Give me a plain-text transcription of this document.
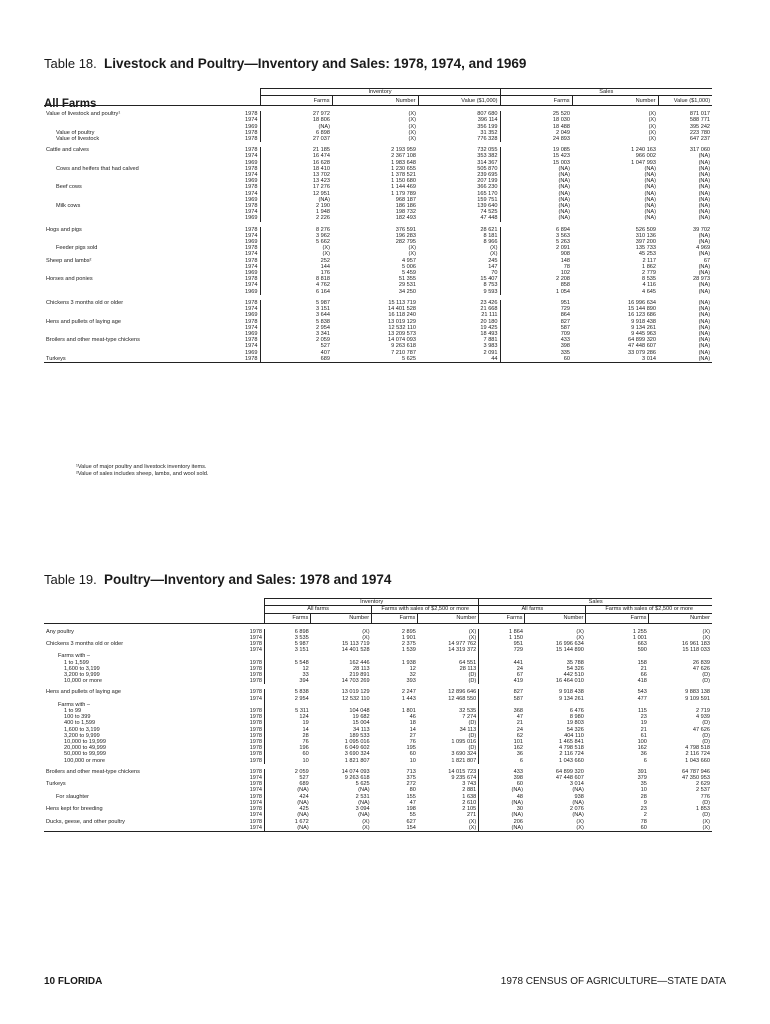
Table 18. Livestock and Poultry—Inventory and Sales: 1978, 1974, and 1969
All Farms
		Inventory			Sales		
		Farms	Number	Value ($1,000)	Farms	Number	Value ($1,000)

Value of livestock and poultry¹	1978	27 972	(X)	807 680	25 520	(X)	871 017
	1974	18 806	(X)	396 114	18 030	(X)	588 771
	1969	(NA)	(X)	356 199	18 488	(X)	395 242
Value of poultry	1978	6 898	(X)	31 352	2 049	(X)	223 780
Value of livestock	1978	27 037	(X)	776 328	24 893	(X)	647 237

Cattle and calves	1978	21 185	2 193 959	732 055	19 085	1 240 163	317 060
	1974	16 474	2 367 108	353 382	15 423	966 002	(NA)
	1969	16 628	1 983 648	314 367	15 003	1 047 993	(NA)
Cows and heifers that had calved	1978	18 410	1 230 655	505 870	(NA)	(NA)	(NA)
	1974	13 702	1 378 521	239 695	(NA)	(NA)	(NA)
	1969	13 423	1 150 680	207 199	(NA)	(NA)	(NA)
Beef cows	1978	17 276	1 144 469	366 230	(NA)	(NA)	(NA)
	1974	12 951	1 179 789	165 170	(NA)	(NA)	(NA)
	1969	(NA)	968 187	159 751	(NA)	(NA)	(NA)
Milk cows	1978	2 190	186 186	139 640	(NA)	(NA)	(NA)
	1974	1 948	198 732	74 525	(NA)	(NA)	(NA)
	1969	2 226	182 493	47 448	(NA)	(NA)	(NA)

Hogs and pigs	1978	8 276	376 591	28 621	6 894	526 509	39 702
	1974	3 962	196 283	8 181	3 563	310 136	(NA)
	1969	5 662	282 795	8 966	5 263	397 200	(NA)
Feeder pigs sold	1978	(X)	(X)	(X)	2 091	135 733	4 969
	1974	(X)	(X)	(X)	908	45 253	(NA)
Sheep and lambs²	1978	252	4 957	245	148	2 117	67
	1974	144	5 006	147	78	1 862	(NA)
	1969	176	5 459	70	102	2 779	(NA)
Horses and ponies	1978	8 818	51 355	15 407	2 208	8 535	28 973
	1974	4 762	29 531	8 753	858	4 116	(NA)
	1969	6 164	34 250	9 593	1 054	4 645	(NA)

Chickens 3 months old or older	1978	5 987	15 113 719	23 426	951	16 996 634	(NA)
	1974	3 151	14 401 528	21 668	729	15 144 890	(NA)
	1969	3 644	16 118 240	21 111	864	16 123 686	(NA)
Hens and pullets of laying age	1978	5 838	13 019 129	20 180	827	9 918 438	(NA)
	1974	2 954	12 532 110	19 425	587	9 134 261	(NA)
	1969	3 341	13 209 573	18 493	709	9 445 963	(NA)
Broilers and other meat-type chickens	1978	2 059	14 074 093	7 881	433	64 899 320	(NA)
	1974	527	9 263 618	3 983	398	47 448 607	(NA)
	1969	407	7 210 787	2 091	335	33 079 286	(NA)
Turkeys	1978	689	5 625	44	60	3 014	(NA)
¹Value of major poultry and livestock inventory items.
²Value of sales includes sheep, lambs, and wool sold.
Table 19. Poultry—Inventory and Sales: 1978 and 1974
		Inventory				Sales			
		All farms		Farms with sales of $2,500 or more		All farms		Farms with sales of $2,500 or more	
		Farms	Number	Farms	Number	Farms	Number	Farms	Number

Any poultry	1978	6 898	(X)	2 895	(X)	1 864	(X)	1 255	(X)
	1974	3 535	(X)	1 901	(X)	1 150	(X)	1 001	(X)
Chickens 3 months old or older	1978	5 987	15 113 719	2 375	14 977 762	951	16 996 634	663	16 961 183
	1974	3 151	14 401 528	1 539	14 319 372	729	15 144 890	590	15 118 033
Farms with –									
1 to 1,599	1978	5 548	162 446	1 938	64 551	441	35 788	158	26 839
1,600 to 3,199	1978	12	28 113	12	28 113	24	54 326	21	47 626
3,200 to 9,999	1978	33	219 891	32	(D)	67	442 510	66	(D)
10,000 or more	1978	394	14 703 269	393	(D)	419	16 464 010	418	(D)

Hens and pullets of laying age	1978	5 838	13 019 129	2 247	12 896 646	827	9 918 438	543	9 883 138
	1974	2 954	12 532 110	1 443	12 468 550	587	9 134 261	477	9 109 591
Farms with –									
1 to 99	1978	5 311	104 048	1 801	32 535	368	6 476	115	2 719
100 to 399	1978	124	19 682	46	7 274	47	8 980	23	4 939
400 to 1,599	1978	19	15 004	18	(D)	21	19 803	19	(D)
1,600 to 3,199	1978	14	34 113	14	34 113	24	54 326	21	47 626
3,200 to 9,999	1978	28	189 533	27	(D)	62	404 110	61	(D)
10,000 to 19,999	1978	76	1 095 016	76	1 095 016	101	1 465 841	100	(D)
20,000 to 49,999	1978	196	6 049 602	195	(D)	162	4 798 518	162	4 798 518
50,000 to 99,999	1978	60	3 690 324	60	3 690 324	36	2 116 724	36	2 116 724
100,000 or more	1978	10	1 821 807	10	1 821 807	6	1 043 660	6	1 043 660

Broilers and other meat-type chickens	1978	2 059	14 074 093	713	14 015 723	433	64 899 320	391	64 787 946
	1974	527	9 263 618	375	9 235 674	398	47 448 607	379	47 350 953
Turkeys	1978	689	5 625	272	3 743	60	3 014	35	2 629
	1974	(NA)	(NA)	80	2 881	(NA)	(NA)	10	2 537
For slaughter	1978	424	2 531	155	1 638	48	938	28	776
	1974	(NA)	(NA)	47	2 610	(NA)	(NA)	9	(D)
Hens kept for breeding	1978	425	3 094	198	2 105	30	2 076	23	1 853
	1974	(NA)	(NA)	55	271	(NA)	(NA)	2	(D)
Ducks, geese, and other poultry	1978	1 672	(X)	627	(X)	206	(X)	78	(X)
	1974	(NA)	(X)	154	(X)	(NA)	(X)	60	(X)
10 FLORIDA	1978 CENSUS OF AGRICULTURE—STATE DATA
